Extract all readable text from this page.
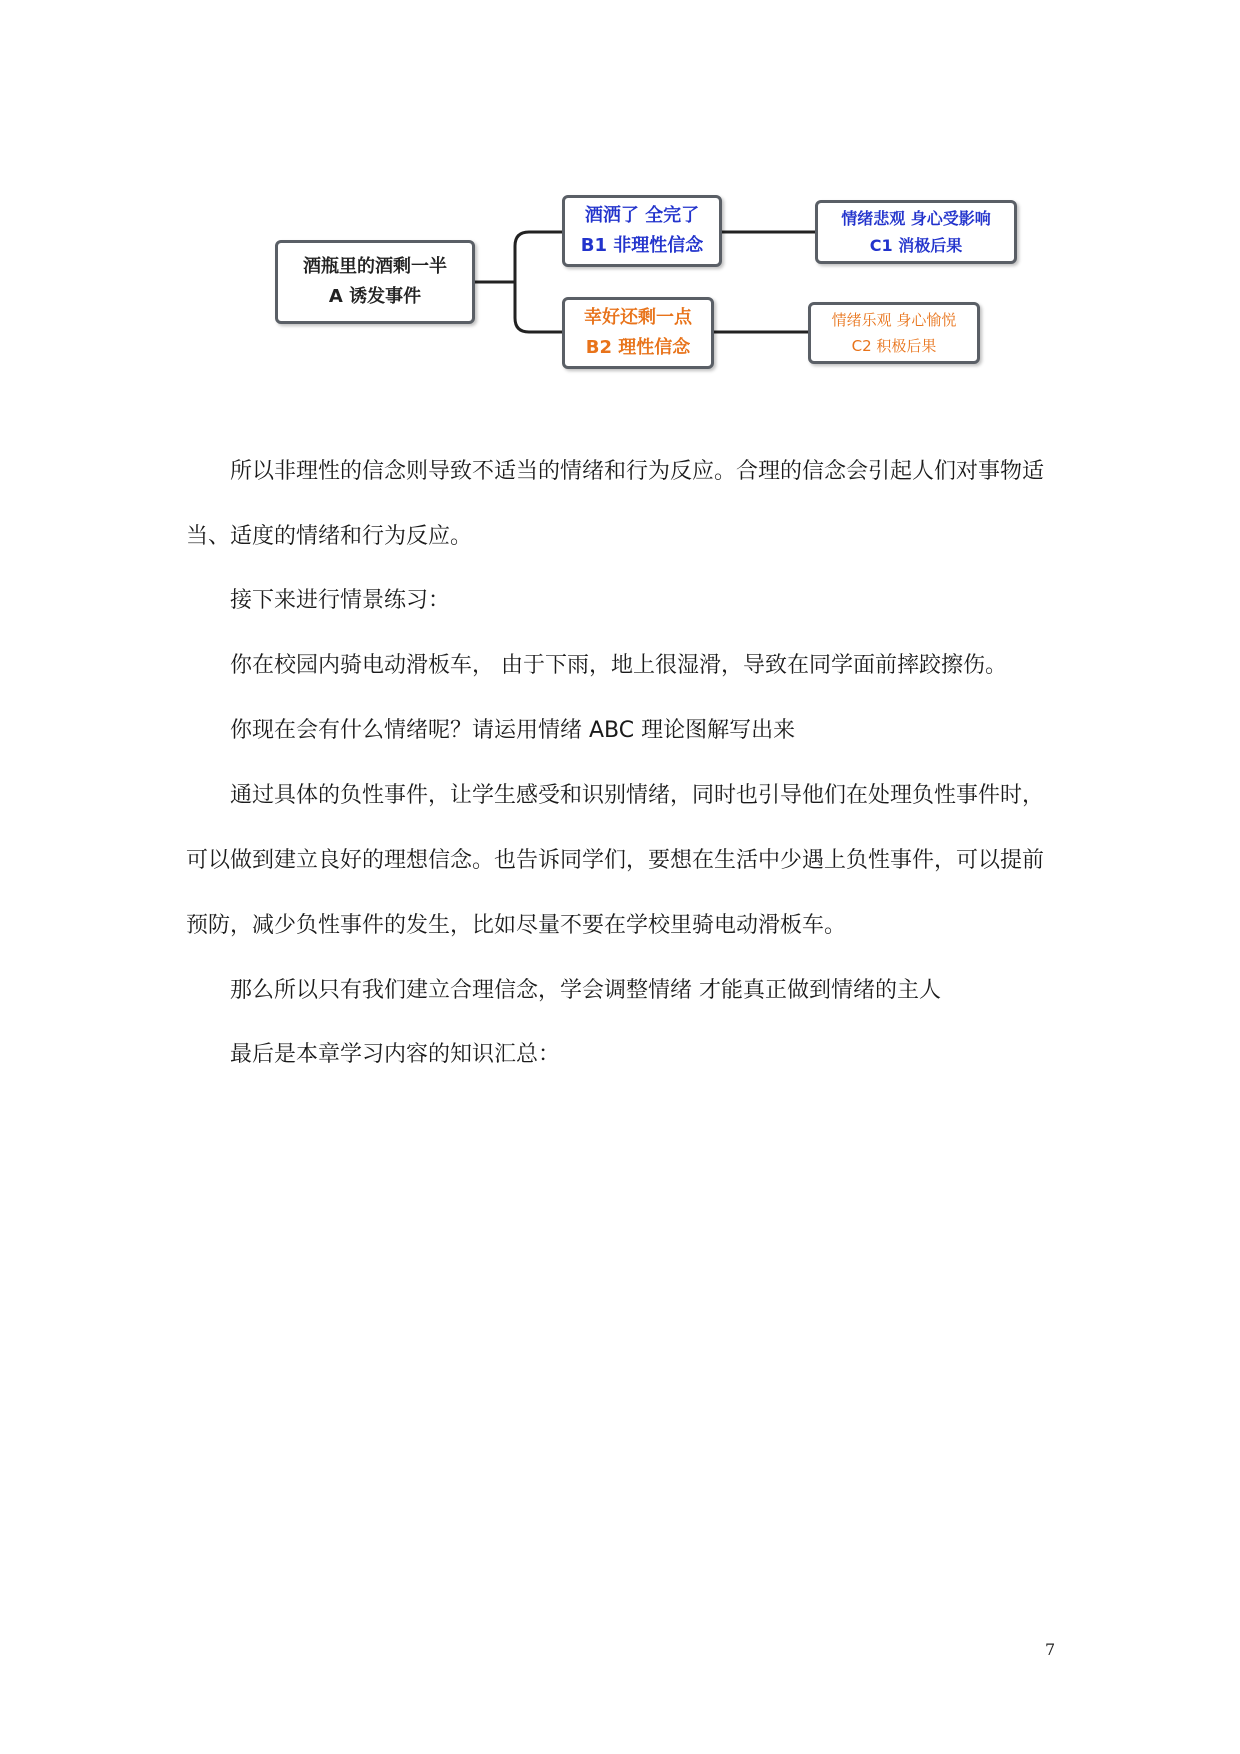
酒瓶里的酒剩一半
A 诱发事件
酒洒了 全完了
B1 非理性信念
幸好还剩一点
B2 理性信念
情绪悲观 身心受影响
C1 消极后果
情绪乐观 身心愉悦
C2 积极后果
所以非理性的信念则导致不适当的情绪和行为反应。合理的信念会引起人们对事物适
当、适度的情绪和行为反应。
接下来进行情景练习：
你在校园内骑电动滑板车， 由于下雨，地上很湿滑，导致在同学面前摔跤擦伤。
你现在会有什么情绪呢？请运用情绪 ABC 理论图解写出来
通过具体的负性事件，让学生感受和识别情绪，同时也引导他们在处理负性事件时，
可以做到建立良好的理想信念。也告诉同学们，要想在生活中少遇上负性事件，可以提前
预防，减少负性事件的发生，比如尽量不要在学校里骑电动滑板车。
那么所以只有我们建立合理信念，学会调整情绪 才能真正做到情绪的主人
最后是本章学习内容的知识汇总：
7
